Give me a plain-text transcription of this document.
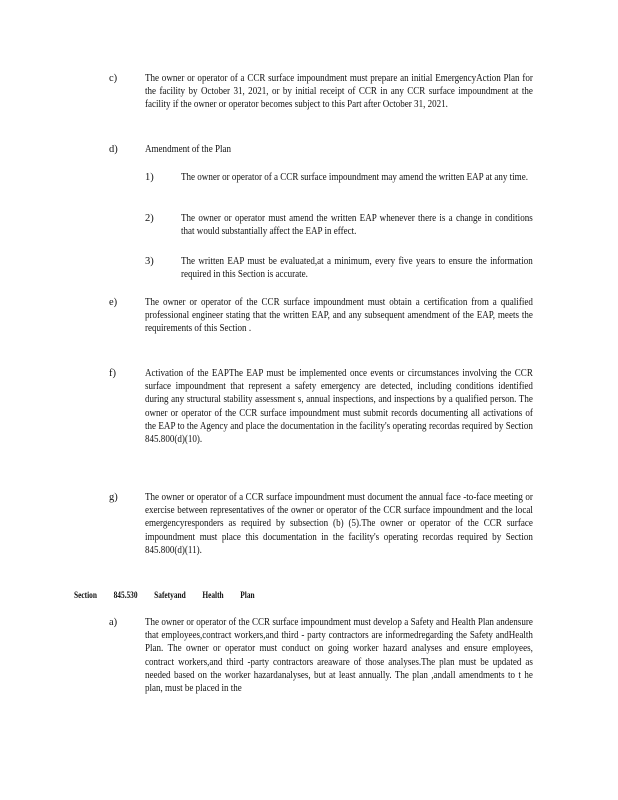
c)	The owner or operator of a CCR surface impoundment must prepare an initial EmergencyAction Plan for the facility by October 31, 2021, or by initial receipt of CCR in any CCR surface impoundment at the facility if the owner or operator becomes subject to this Part after October 31, 2021.
d)	Amendment of the Plan
1)	The owner or operator of a CCR surface impoundment may amend the written EAP at any time.
2)	The owner or operator must amend the written EAP whenever there is a change in conditions that would substantially affect the EAP in effect.
3)	The written EAP must be evaluated,at a minimum, every five years to ensure the information required in this Section is accurate.
e)	The owner or operator of the CCR surface impoundment must obtain a certification from a qualified professional engineer stating that the written EAP, and any subsequent amendment of the EAP, meets the requirements of this Section .
f)	Activation of the EAPThe EAP must be implemented once events or circumstances involving the CCR surface impoundment that represent a safety emergency are detected, including conditions identified during any structural stability assessment s, annual inspections, and inspections by a qualified person. The owner or operator of the CCR surface impoundment must submit records documenting all activations of the EAP to the Agency and place the documentation in the facility's operating recordas required by Section 845.800(d)(10).
g)	The owner or operator of a CCR surface impoundment must document the annual face -to-face meeting or exercise between representatives of the owner or operator of the CCR surface impoundment and the local emergencyresponders as required by subsection (b) (5).The owner or operator of the CCR surface impoundment must place this documentation in the facility's operating recordas required by Section 845.800(d)(11).
Section 845.530 Safetyand Health Plan
a)	The owner or operator of the CCR surface impoundment must develop a Safety and Health Plan andensure that employees,contract workers,and third - party contractors are informedregarding the Safety andHealth Plan. The owner or operator must conduct on going worker hazard analyses and ensure employees, contract workers,and third -party contractors areaware of those analyses.The plan must be updated as needed based on the worker hazardanalyses, but at least annually. The plan ,andall amendments to t he plan, must be placed in the
